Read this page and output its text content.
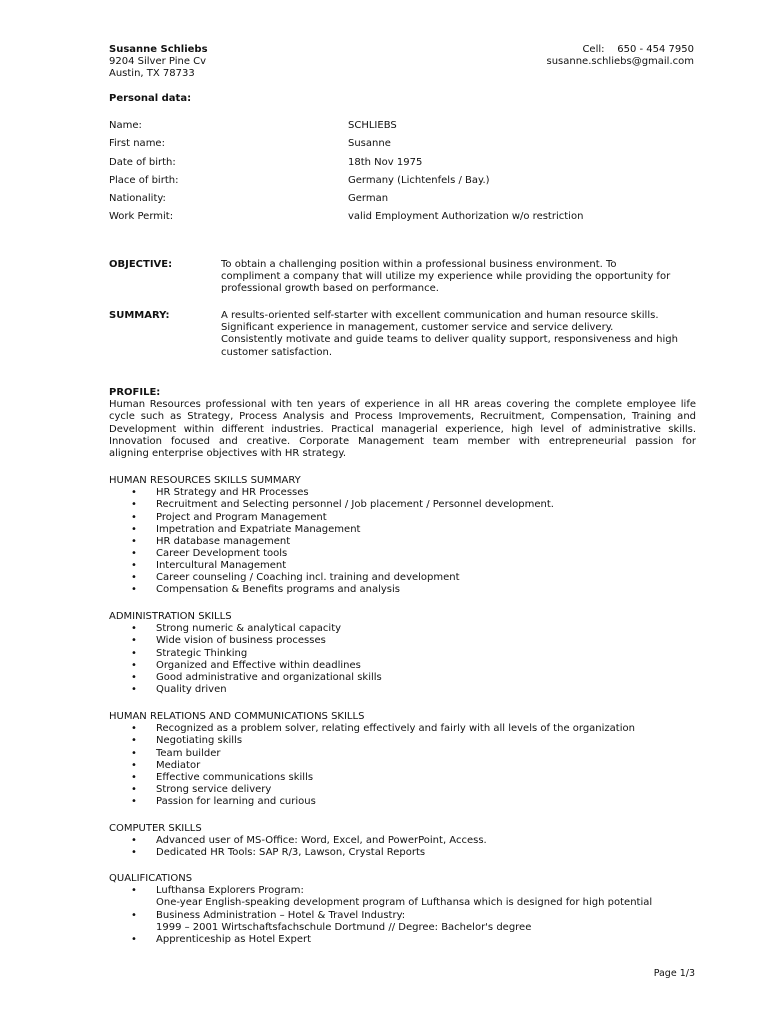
Susanne Schliebs
9204 Silver Pine Cv
Austin, TX 78733
Cell: 650 - 454 7950
susanne.schliebs@gmail.com
Personal data:
Name:	SCHLIEBS
First name:	Susanne
Date of birth:	18th Nov 1975
Place of birth:	Germany (Lichtenfels / Bay.)
Nationality:	German
Work Permit:	valid Employment Authorization w/o restriction
OBJECTIVE:	To obtain a challenging position within a professional business environment. To
compliment a company that will utilize my experience while providing the opportunity for
professional growth based on performance.
SUMMARY:	A results-oriented self-starter with excellent communication and human resource skills.
Significant experience in management, customer service and service delivery.
Consistently motivate and guide teams to deliver quality support, responsiveness and high
customer satisfaction.
PROFILE:
Human Resources professional with ten years of experience in all HR areas covering the complete employee life
cycle such as Strategy, Process Analysis and Process Improvements, Recruitment, Compensation, Training and
Development within different industries. Practical managerial experience, high level of administrative skills.
Innovation focused and creative. Corporate Management team member with entrepreneurial passion for
aligning enterprise objectives with HR strategy.
HUMAN RESOURCES SKILLS SUMMARY
• HR Strategy and HR Processes
• Recruitment and Selecting personnel / Job placement / Personnel development.
• Project and Program Management
• Impetration and Expatriate Management
• HR database management
• Career Development tools
• Intercultural Management
• Career counseling / Coaching incl. training and development
• Compensation & Benefits programs and analysis
ADMINISTRATION SKILLS
• Strong numeric & analytical capacity
• Wide vision of business processes
• Strategic Thinking
• Organized and Effective within deadlines
• Good administrative and organizational skills
• Quality driven
HUMAN RELATIONS AND COMMUNICATIONS SKILLS
• Recognized as a problem solver, relating effectively and fairly with all levels of the organization
• Negotiating skills
• Team builder
• Mediator
• Effective communications skills
• Strong service delivery
• Passion for learning and curious
COMPUTER SKILLS
• Advanced user of MS-Office: Word, Excel, and PowerPoint, Access.
• Dedicated HR Tools: SAP R/3, Lawson, Crystal Reports
QUALIFICATIONS
• Lufthansa Explorers Program:
One-year English-speaking development program of Lufthansa which is designed for high potential
• Business Administration – Hotel & Travel Industry:
1999 – 2001 Wirtschaftsfachschule Dortmund // Degree: Bachelor's degree
• Apprenticeship as Hotel Expert
Page 1/3
